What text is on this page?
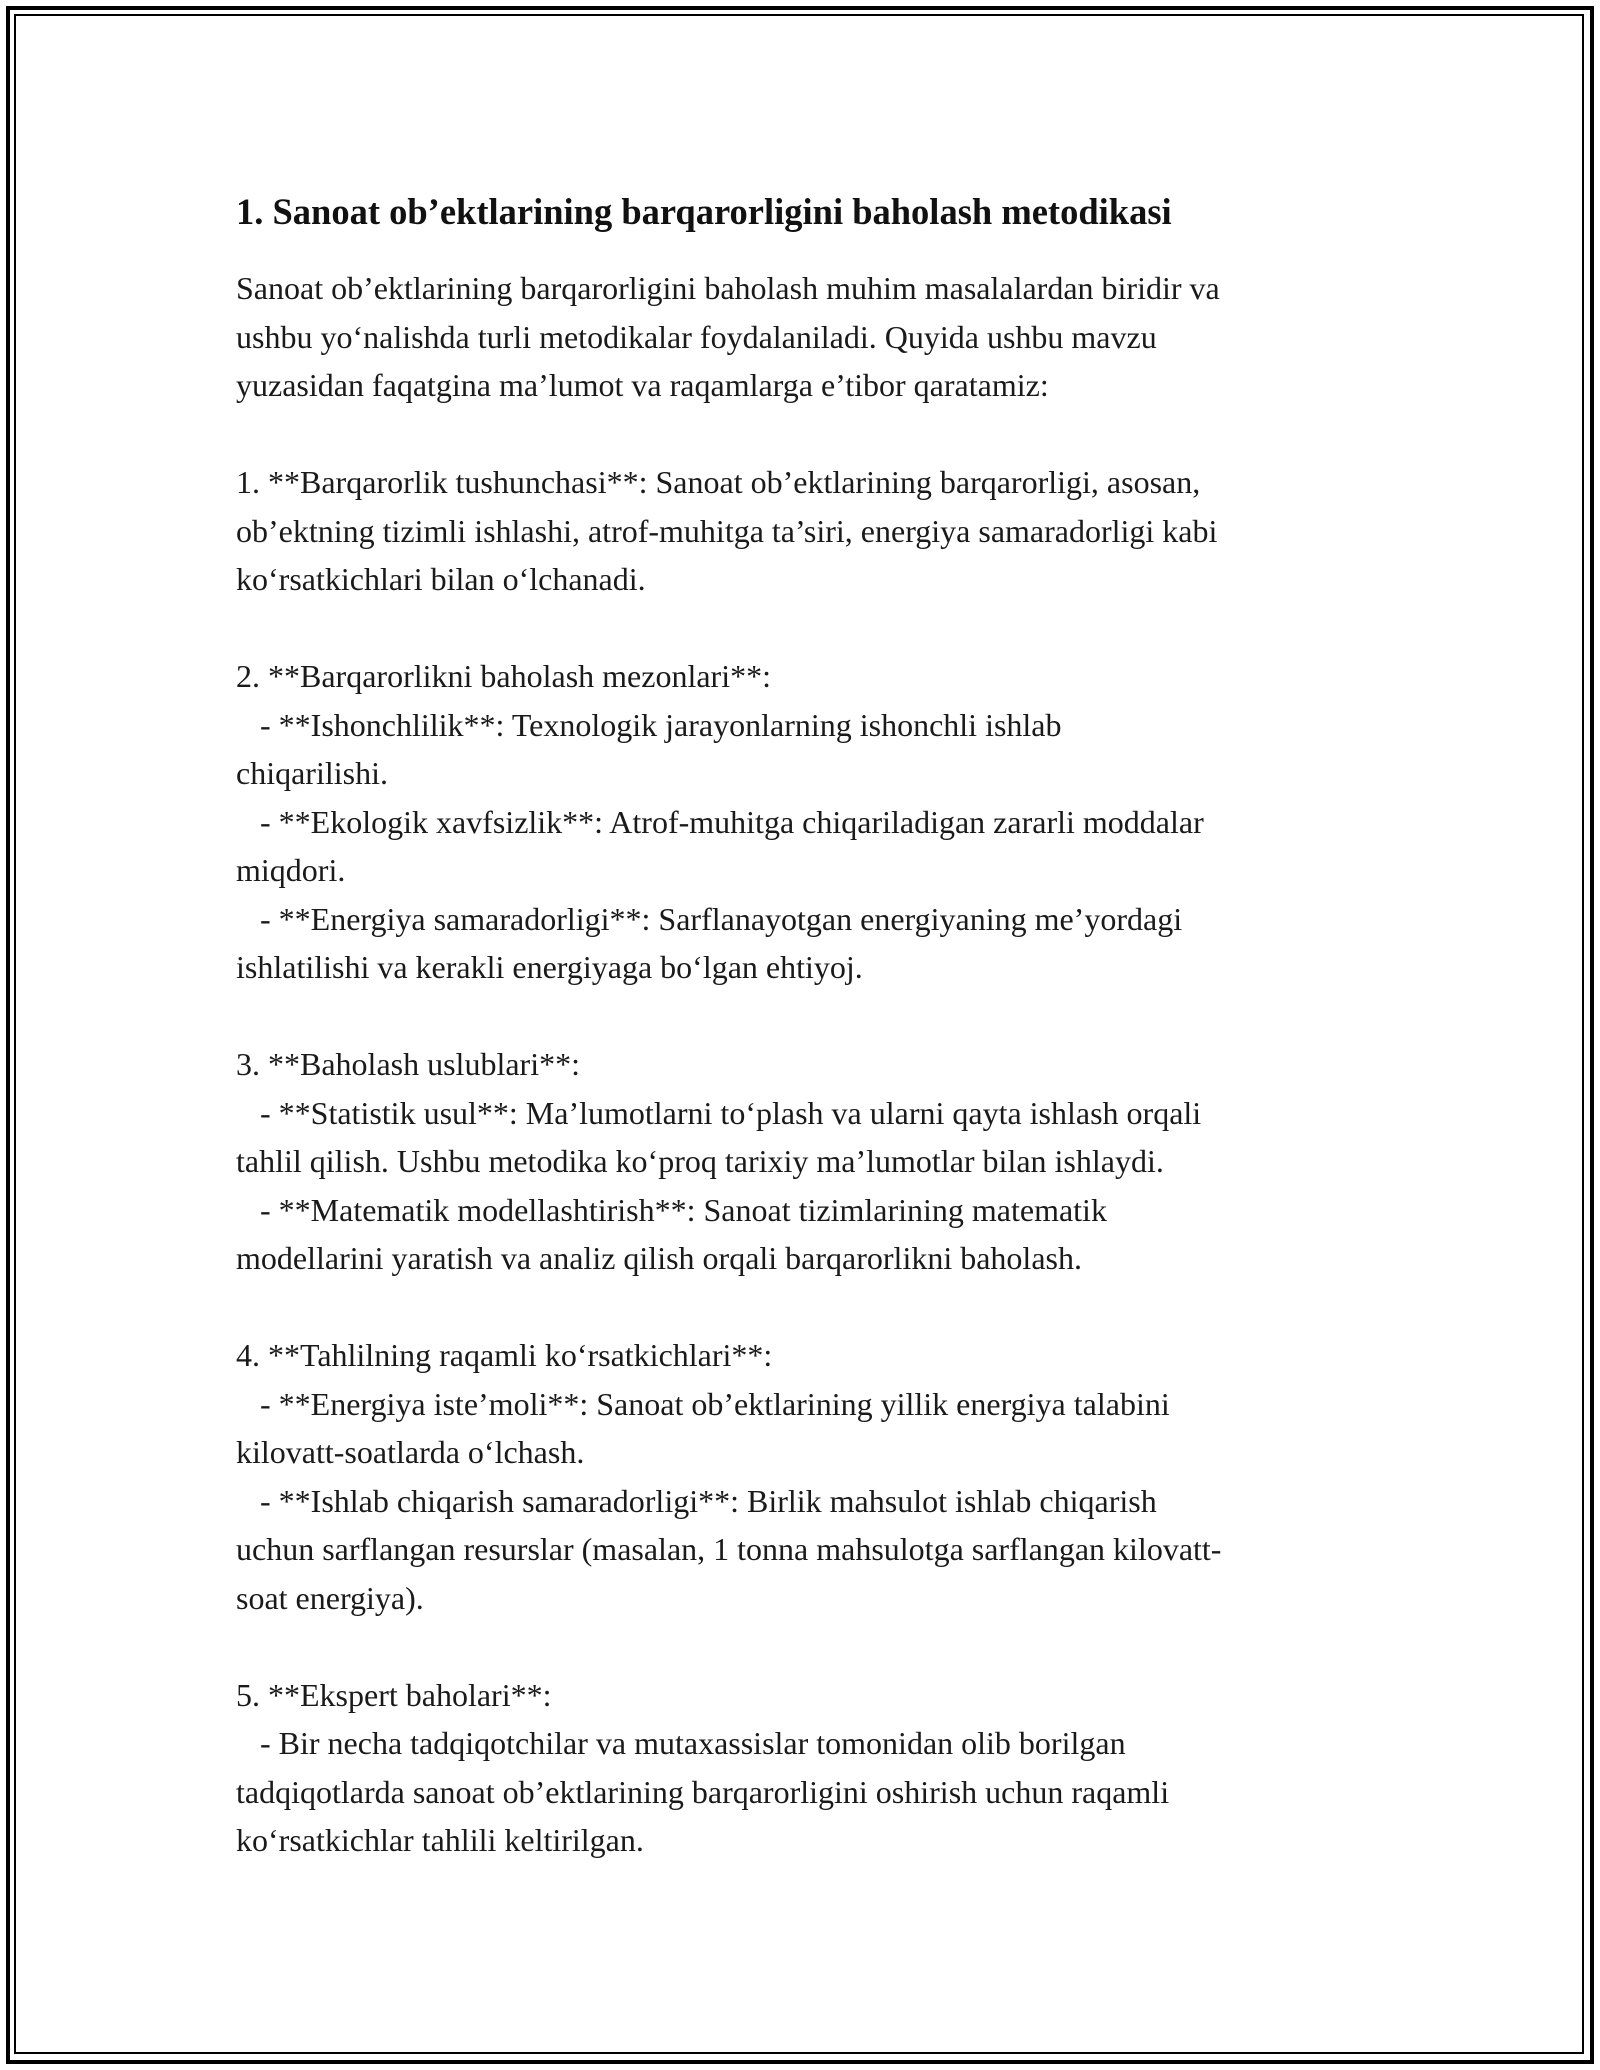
1. Sanoat ob’ektlarining barqarorligini baholash metodikasi
Sanoat ob’ektlarining barqarorligini baholash muhim masalalardan biridir va
ushbu yo‘nalishda turli metodikalar foydalaniladi. Quyida ushbu mavzu
yuzasidan faqatgina ma’lumot va raqamlarga e’tibor qaratamiz:
1. **Barqarorlik tushunchasi**: Sanoat ob’ektlarining barqarorligi, asosan,
ob’ektning tizimli ishlashi, atrof-muhitga ta’siri, energiya samaradorligi kabi
ko‘rsatkichlari bilan o‘lchanadi.
2. **Barqarorlikni baholash mezonlari**:
- **Ishonchlilik**: Texnologik jarayonlarning ishonchli ishlab
chiqarilishi.
- **Ekologik xavfsizlik**: Atrof-muhitga chiqariladigan zararli moddalar
miqdori.
- **Energiya samaradorligi**: Sarflanayotgan energiyaning me’yordagi
ishlatilishi va kerakli energiyaga bo‘lgan ehtiyoj.
3. **Baholash uslublari**:
- **Statistik usul**: Ma’lumotlarni to‘plash va ularni qayta ishlash orqali
tahlil qilish. Ushbu metodika ko‘proq tarixiy ma’lumotlar bilan ishlaydi.
- **Matematik modellashtirish**: Sanoat tizimlarining matematik
modellarini yaratish va analiz qilish orqali barqarorlikni baholash.
4. **Tahlilning raqamli ko‘rsatkichlari**:
- **Energiya iste’moli**: Sanoat ob’ektlarining yillik energiya talabini
kilovatt-soatlarda o‘lchash.
- **Ishlab chiqarish samaradorligi**: Birlik mahsulot ishlab chiqarish
uchun sarflangan resurslar (masalan, 1 tonna mahsulotga sarflangan kilovatt-
soat energiya).
5. **Ekspert baholari**:
- Bir necha tadqiqotchilar va mutaxassislar tomonidan olib borilgan
tadqiqotlarda sanoat ob’ektlarining barqarorligini oshirish uchun raqamli
ko‘rsatkichlar tahlili keltirilgan.
